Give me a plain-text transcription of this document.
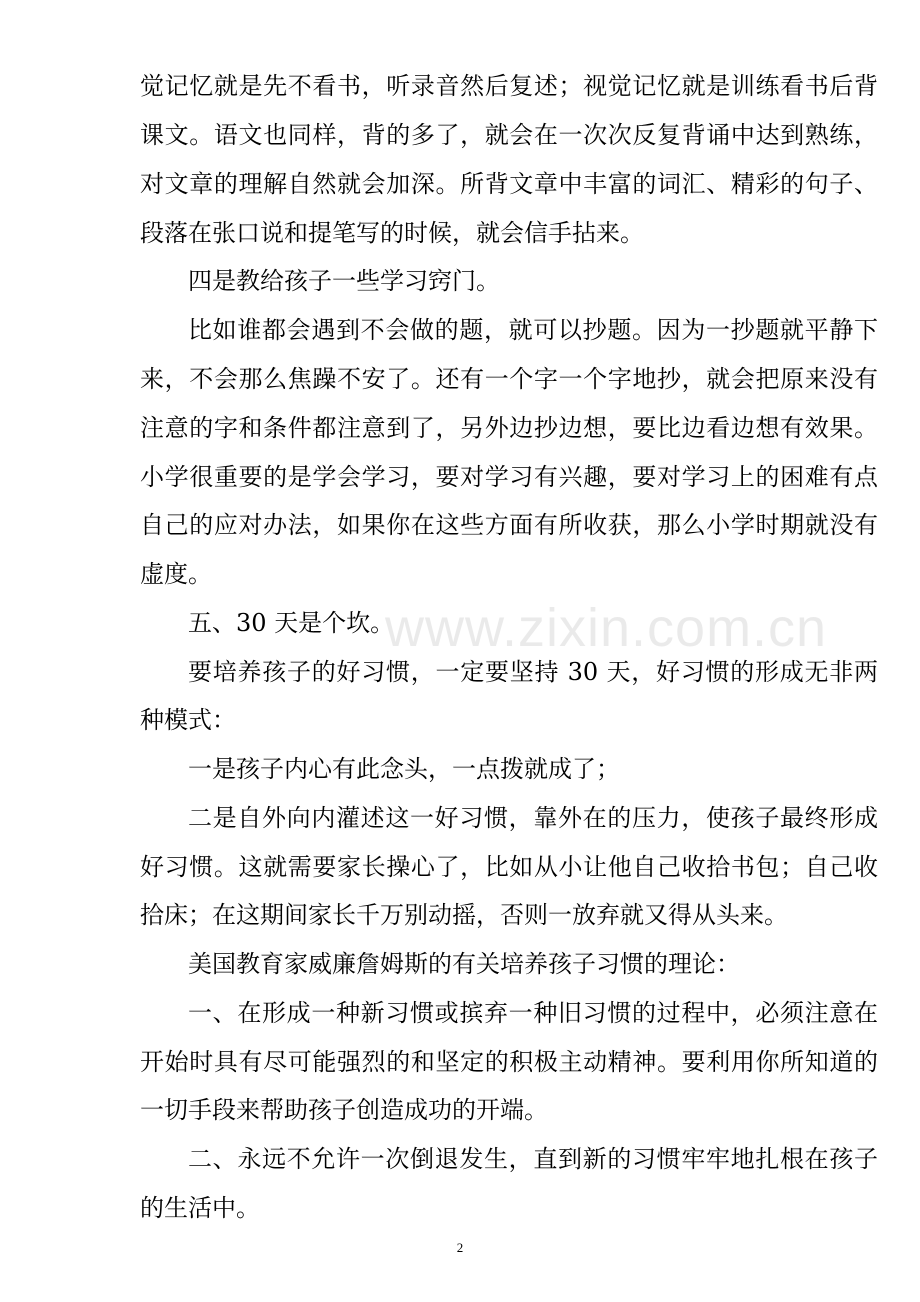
觉记忆就是先不看书，听录音然后复述；视觉记忆就是训练看书后背
课文。语文也同样，背的多了，就会在一次次反复背诵中达到熟练，
对文章的理解自然就会加深。所背文章中丰富的词汇、精彩的句子、
段落在张口说和提笔写的时候，就会信手拈来。
四是教给孩子一些学习窍门。
比如谁都会遇到不会做的题，就可以抄题。因为一抄题就平静下
来，不会那么焦躁不安了。还有一个字一个字地抄，就会把原来没有
注意的字和条件都注意到了，另外边抄边想，要比边看边想有效果。
小学很重要的是学会学习，要对学习有兴趣，要对学习上的困难有点
自己的应对办法，如果你在这些方面有所收获，那么小学时期就没有
虚度。
五、30 天是个坎。
要培养孩子的好习惯，一定要坚持 30 天，好习惯的形成无非两
种模式：
一是孩子内心有此念头，一点拨就成了；
二是自外向内灌述这一好习惯，靠外在的压力，使孩子最终形成
好习惯。这就需要家长操心了，比如从小让他自己收拾书包；自己收
拾床；在这期间家长千万别动摇，否则一放弃就又得从头来。
美国教育家威廉詹姆斯的有关培养孩子习惯的理论：
一、在形成一种新习惯或摈弃一种旧习惯的过程中，必须注意在
开始时具有尽可能强烈的和坚定的积极主动精神。要利用你所知道的
一切手段来帮助孩子创造成功的开端。
二、永远不允许一次倒退发生，直到新的习惯牢牢地扎根在孩子
的生活中。
www.zixin.com.cn
2
